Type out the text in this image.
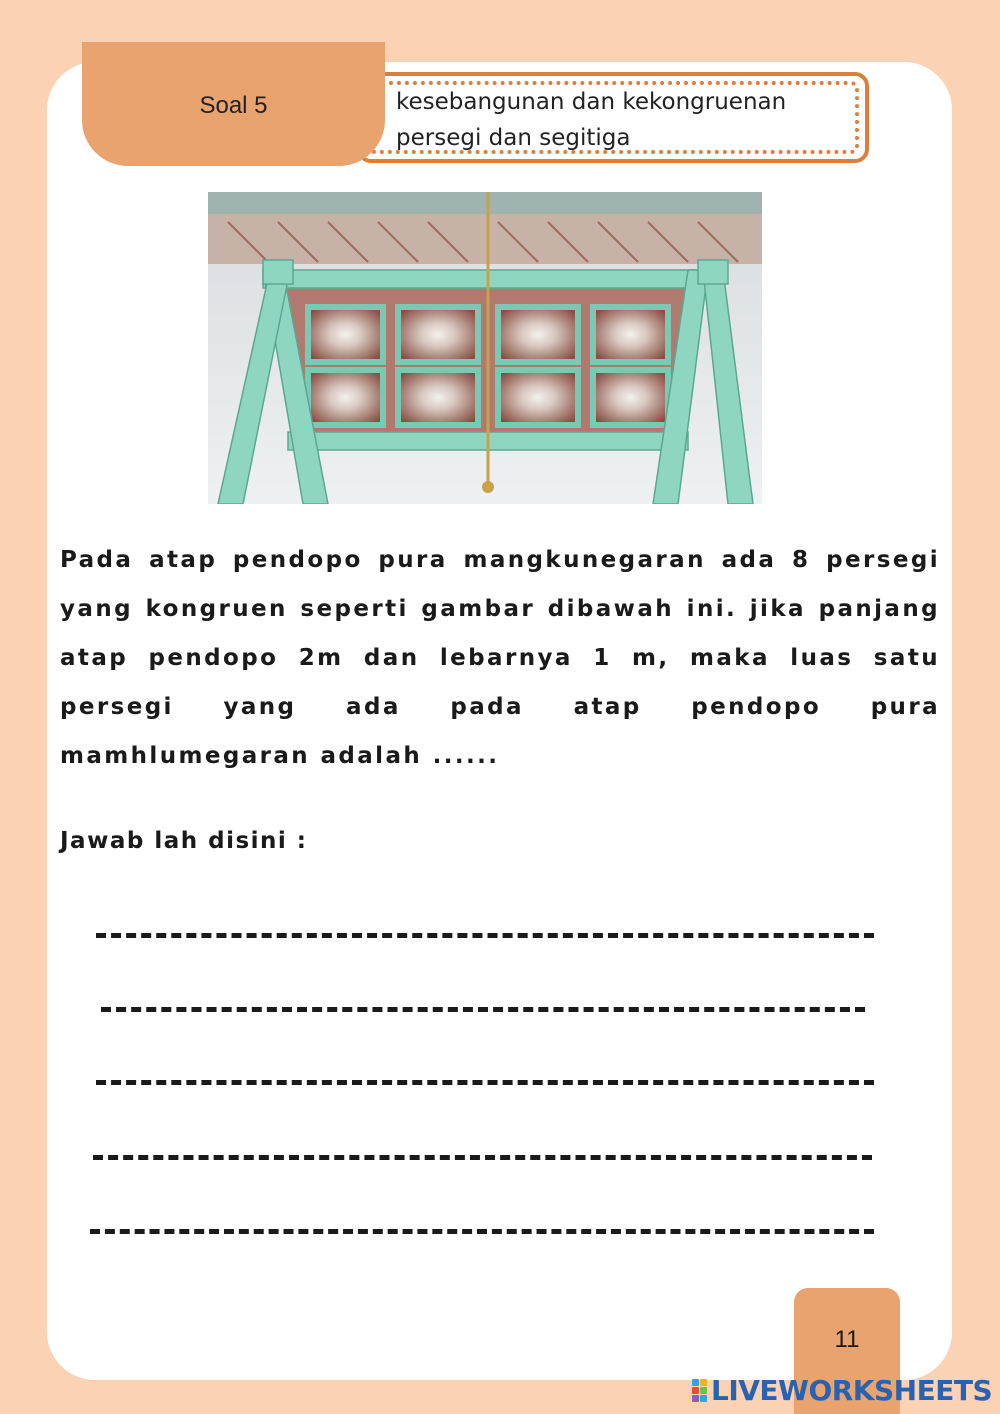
Soal 5	kesebangunan dan kekongruenan
persegi dan segitiga

Pada atap pendopo pura mangkunegaran ada 8 persegi yang kongruen seperti gambar dibawah ini. jika panjang atap pendopo 2m dan lebarnya 1 m, maka luas satu persegi yang ada pada atap pendopo pura mamhlumegaran adalah ......

Jawab lah disini :

11
LIVEWORKSHEETS
